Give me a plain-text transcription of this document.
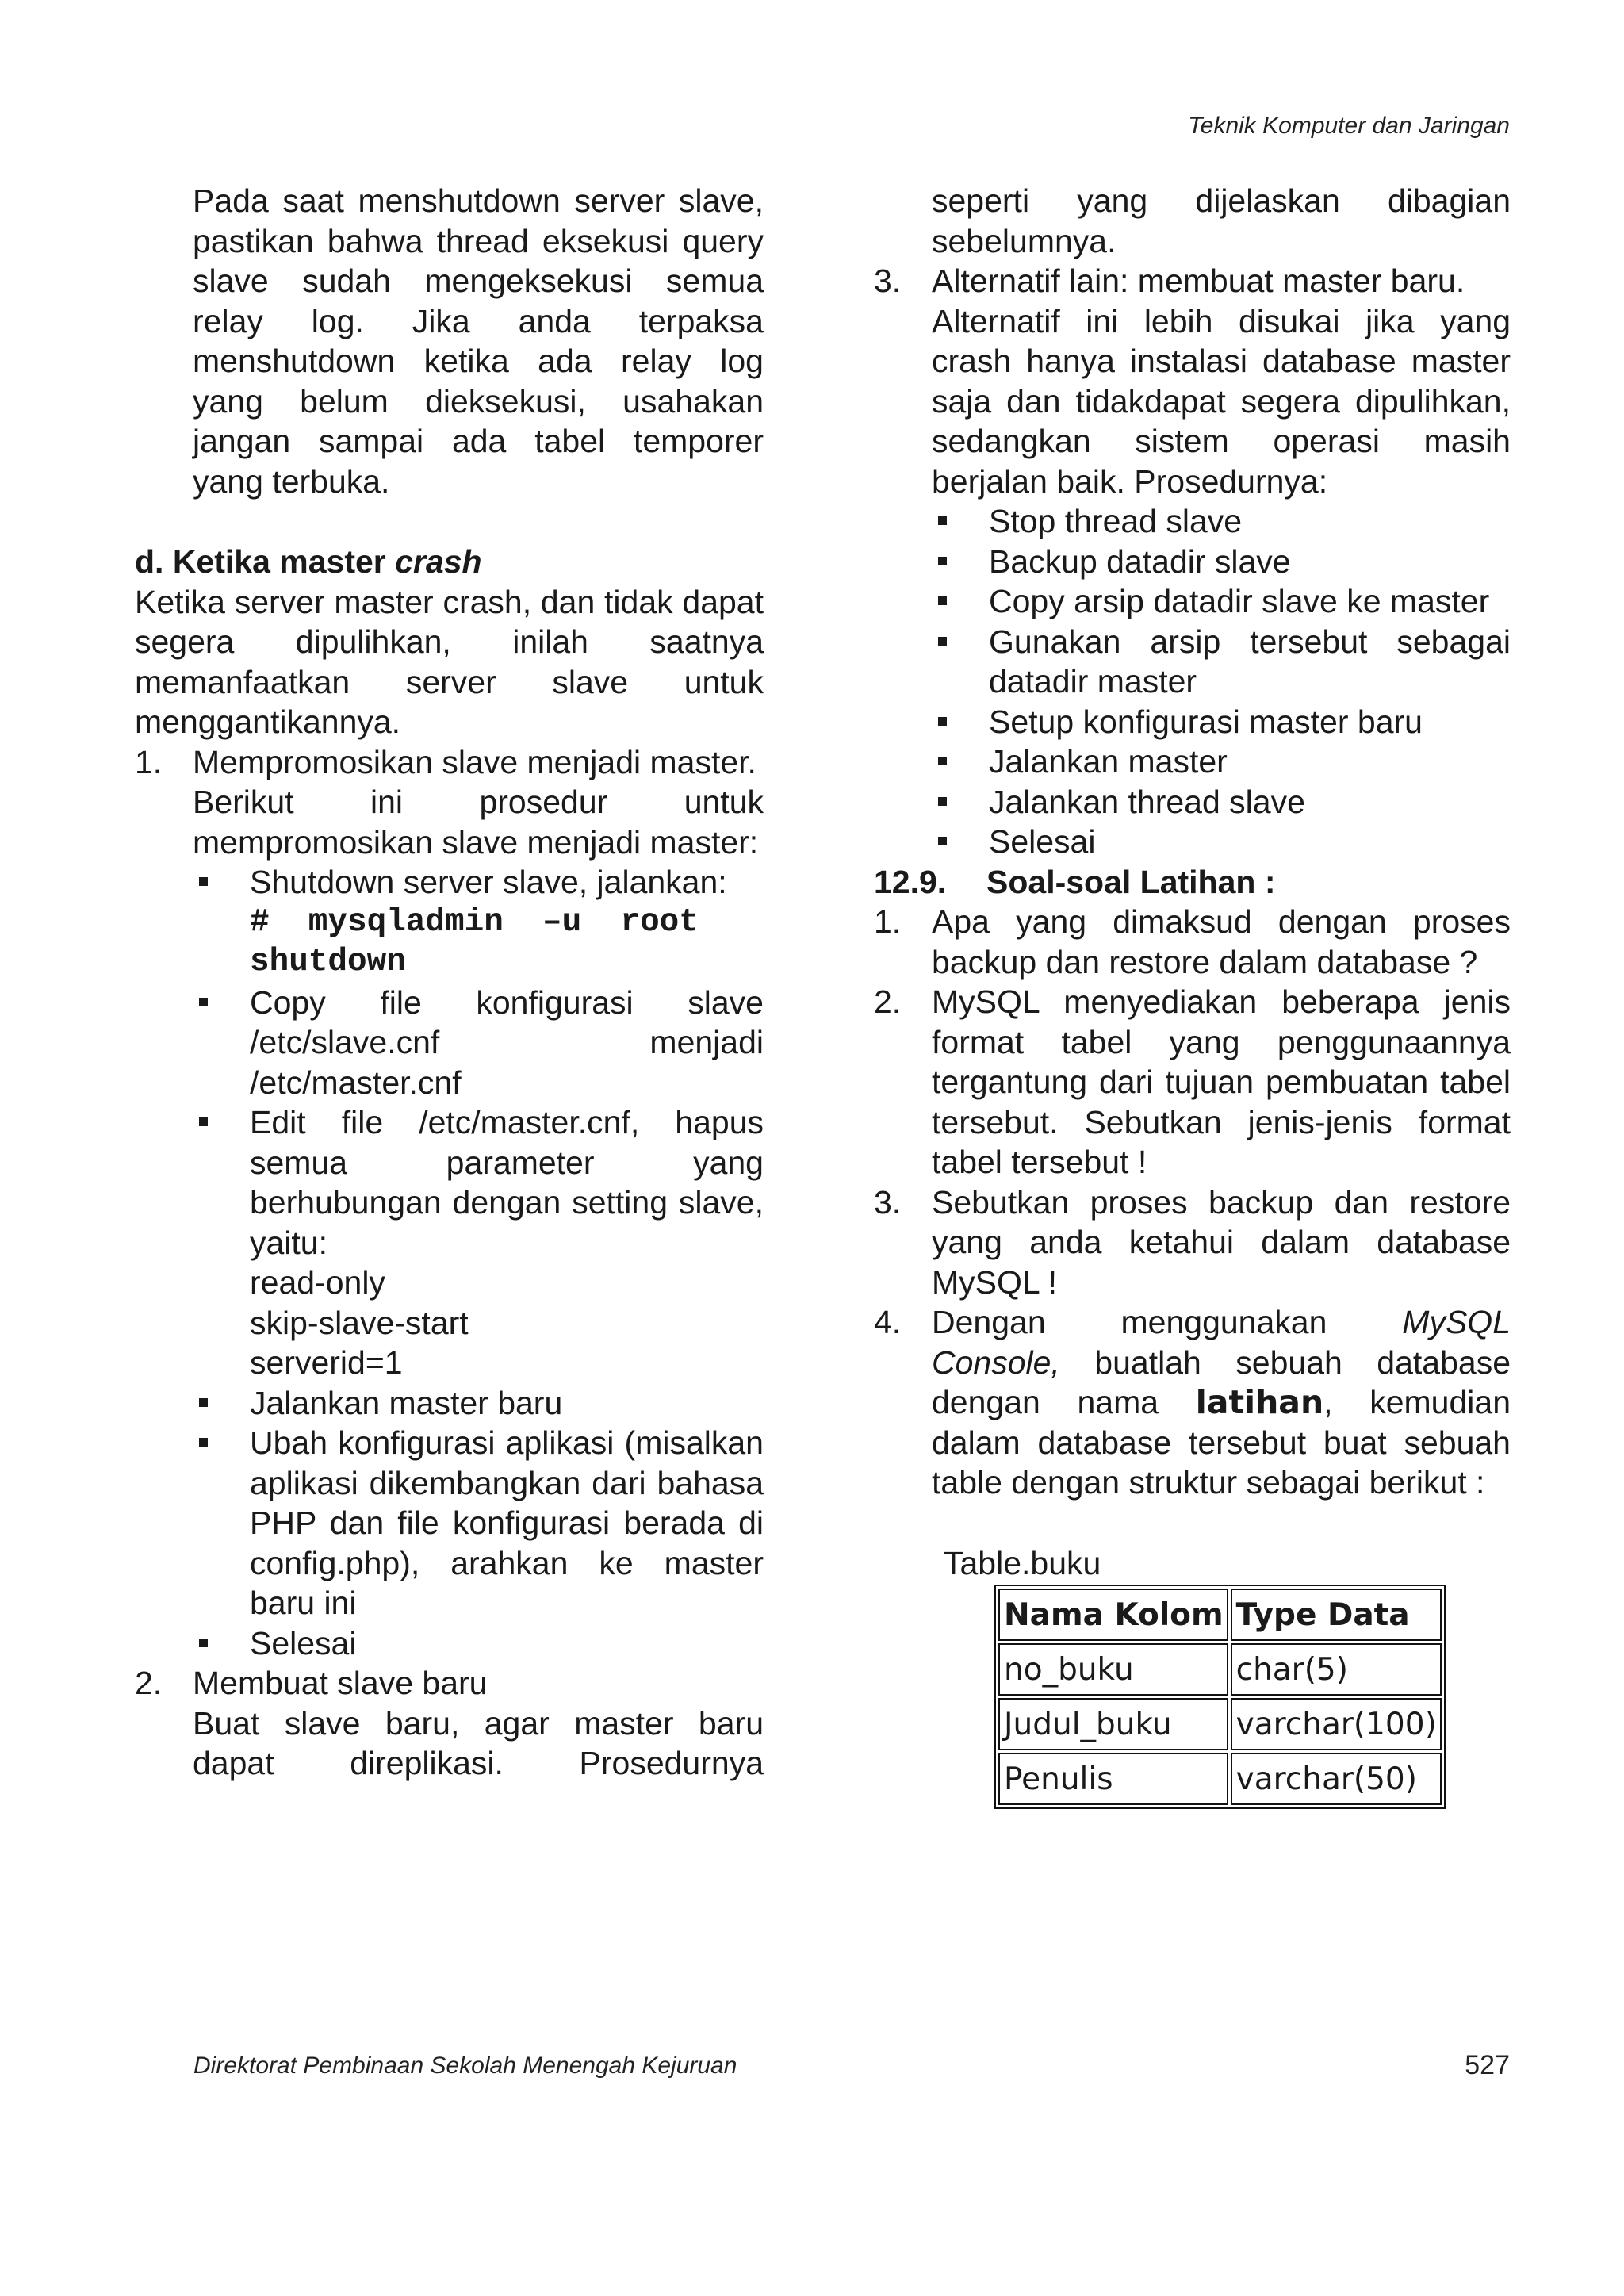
Teknik Komputer dan Jaringan

Pada saat menshutdown server slave, pastikan bahwa thread eksekusi query slave sudah mengeksekusi semua relay log. Jika anda terpaksa menshutdown ketika ada relay log yang belum dieksekusi, usahakan jangan sampai ada tabel temporer yang terbuka.

d. Ketika master crash

Ketika server master crash, dan tidak dapat segera dipulihkan, inilah saatnya memanfaatkan server slave untuk menggantikannya.

1. Mempromosikan slave menjadi master.

Berikut ini prosedur untuk mempromosikan slave menjadi master:

Shutdown server slave, jalankan:

#  mysqladmin  –u  root
shutdown

Copy file konfigurasi slave /etc/slave.cnf menjadi /etc/master.cnf

Edit file /etc/master.cnf, hapus semua parameter yang berhubungan dengan setting slave, yaitu:

read-only
skip-slave-start
serverid=1

Jalankan master baru

Ubah konfigurasi aplikasi (misalkan aplikasi dikembangkan dari bahasa PHP dan file konfigurasi berada di config.php), arahkan ke master baru ini

Selesai

2. Membuat slave baru

Buat slave baru, agar master baru dapat direplikasi. Prosedurnya

seperti yang dijelaskan dibagian sebelumnya.

3. Alternatif lain: membuat master baru.

Alternatif ini lebih disukai jika yang crash hanya instalasi database master saja dan tidakdapat segera dipulihkan, sedangkan sistem operasi masih berjalan baik. Prosedurnya:

Stop thread slave

Backup datadir slave

Copy arsip datadir slave ke master

Gunakan arsip tersebut sebagai datadir master

Setup konfigurasi master baru

Jalankan master

Jalankan thread slave

Selesai

12.9. Soal-soal Latihan :

1. Apa yang dimaksud dengan proses backup dan restore dalam database ?

2. MySQL menyediakan beberapa jenis format tabel yang penggunaannya tergantung dari tujuan pembuatan tabel tersebut. Sebutkan jenis-jenis format tabel tersebut !

3. Sebutkan proses backup dan restore yang anda ketahui dalam database MySQL !

4. Dengan menggunakan MySQL Console, buatlah sebuah database dengan nama latihan, kemudian dalam database tersebut buat sebuah table dengan struktur sebagai berikut :

Table.buku
Nama Kolom	Type Data
no_buku	char(5)
Judul_buku	varchar(100)
Penulis	varchar(50)
Direktorat Pembinaan Sekolah Menengah Kejuruan	527
